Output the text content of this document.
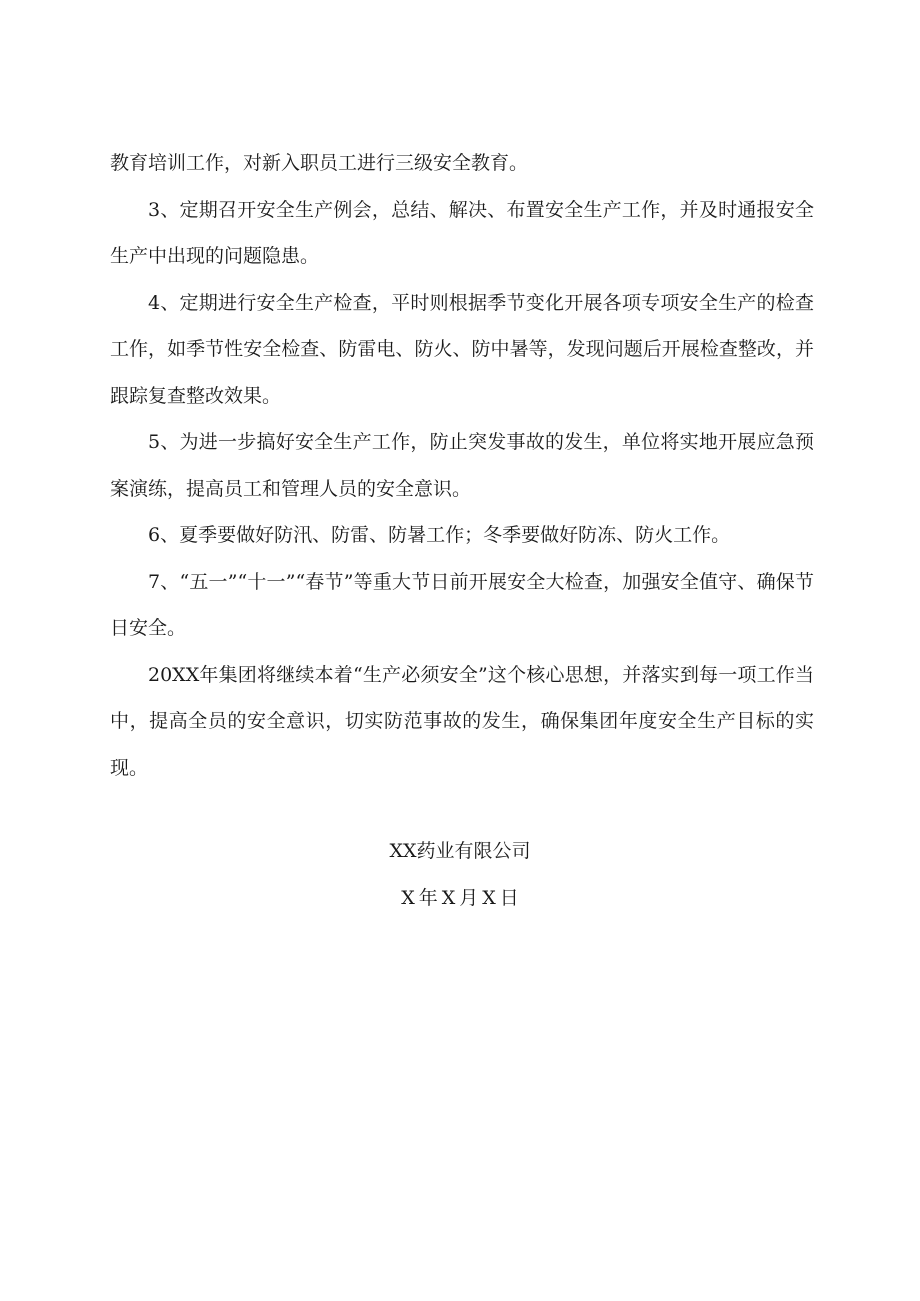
教育培训工作，对新入职员工进行三级安全教育。

3、定期召开安全生产例会，总结、解决、布置安全生产工作，并及时通报安全生产中出现的问题隐患。

4、定期进行安全生产检查，平时则根据季节变化开展各项专项安全生产的检查工作，如季节性安全检查、防雷电、防火、防中暑等，发现问题后开展检查整改，并跟踪复查整改效果。

5、为进一步搞好安全生产工作，防止突发事故的发生，单位将实地开展应急预案演练，提高员工和管理人员的安全意识。

6、夏季要做好防汛、防雷、防暑工作；冬季要做好防冻、防火工作。

7、“五一”“十一”“春节”等重大节日前开展安全大检查，加强安全值守、确保节日安全。

20XX年集团将继续本着“生产必须安全”这个核心思想，并落实到每一项工作当中，提高全员的安全意识，切实防范事故的发生，确保集团年度安全生产目标的实现。

XX药业有限公司
X年X月X日
